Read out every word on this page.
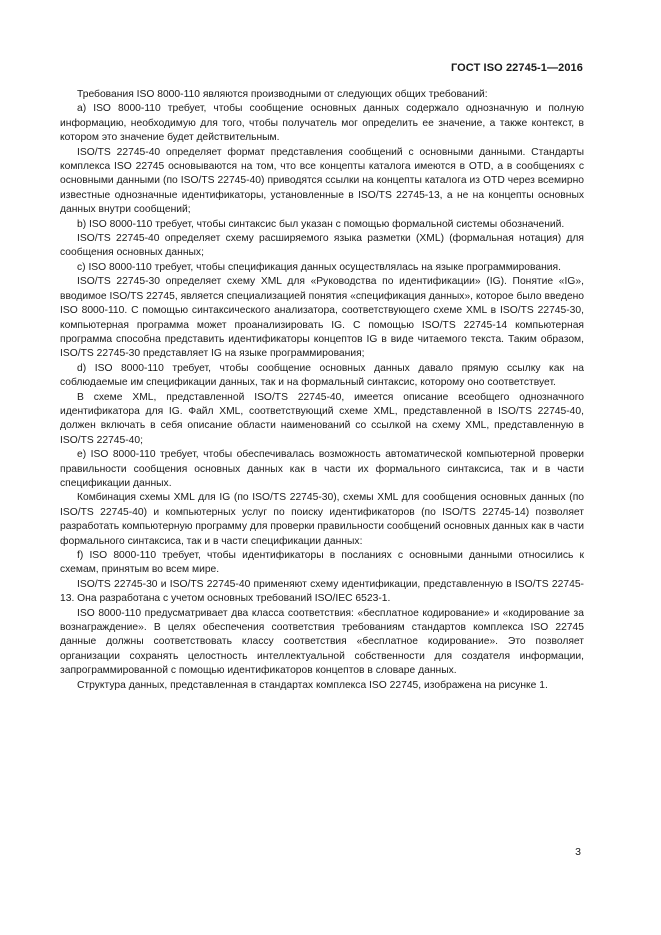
ГОСТ ISO 22745-1—2016

Требования ISO 8000-110 являются производными от следующих общих требований:

a) ISO 8000-110 требует, чтобы сообщение основных данных содержало однозначную и полную информацию, необходимую для того, чтобы получатель мог определить ее значение, а также контекст, в котором это значение будет действительным.

ISO/TS 22745-40 определяет формат представления сообщений с основными данными. Стандарты комплекса ISO 22745 основываются на том, что все концепты каталога имеются в OTD, а в сообщениях с основными данными (по ISO/TS 22745-40) приводятся ссылки на концепты каталога из OTD через всемирно известные однозначные идентификаторы, установленные в ISO/TS 22745-13, а не на концепты основных данных внутри сообщений;

b) ISO 8000-110 требует, чтобы синтаксис был указан с помощью формальной системы обозначений.

ISO/TS 22745-40 определяет схему расширяемого языка разметки (XML) (формальная нотация) для сообщения основных данных;

c) ISO 8000-110 требует, чтобы спецификация данных осуществлялась на языке программирования.

ISO/TS 22745-30 определяет схему XML для «Руководства по идентификации» (IG). Понятие «IG», вводимое ISO/TS 22745, является специализацией понятия «спецификация данных», которое было введено ISO 8000-110. С помощью синтаксического анализатора, соответствующего схеме XML в ISO/TS 22745-30, компьютерная программа может проанализировать IG. С помощью ISO/TS 22745-14 компьютерная программа способна представить идентификаторы концептов IG в виде читаемого текста. Таким образом, ISO/TS 22745-30 представляет IG на языке программирования;

d) ISO 8000-110 требует, чтобы сообщение основных данных давало прямую ссылку как на соблюдаемые им спецификации данных, так и на формальный синтаксис, которому оно соответствует.

В схеме XML, представленной ISO/TS 22745-40, имеется описание всеобщего однозначного идентификатора для IG. Файл XML, соответствующий схеме XML, представленной в ISO/TS 22745-40, должен включать в себя описание области наименований со ссылкой на схему XML, представленную в ISO/TS 22745-40;

e) ISO 8000-110 требует, чтобы обеспечивалась возможность автоматической компьютерной проверки правильности сообщения основных данных как в части их формального синтаксиса, так и в части спецификации данных.

Комбинация схемы XML для IG (по ISO/TS 22745-30), схемы XML для сообщения основных данных (по ISO/TS 22745-40) и компьютерных услуг по поиску идентификаторов (по ISO/TS 22745-14) позволяет разработать компьютерную программу для проверки правильности сообщений основных данных как в части формального синтаксиса, так и в части спецификации данных:

f) ISO 8000-110 требует, чтобы идентификаторы в посланиях с основными данными относились к схемам, принятым во всем мире.

ISO/TS 22745-30 и ISO/TS 22745-40 применяют схему идентификации, представленную в ISO/TS 22745-13. Она разработана с учетом основных требований ISO/IEC 6523-1.

ISO 8000-110 предусматривает два класса соответствия: «бесплатное кодирование» и «кодирование за вознаграждение». В целях обеспечения соответствия требованиям стандартов комплекса ISO 22745 данные должны соответствовать классу соответствия «бесплатное кодирование». Это позволяет организации сохранять целостность интеллектуальной собственности для создателя информации, запрограммированной с помощью идентификаторов концептов в словаре данных.

Структура данных, представленная в стандартах комплекса ISO 22745, изображена на рисунке 1.

3
